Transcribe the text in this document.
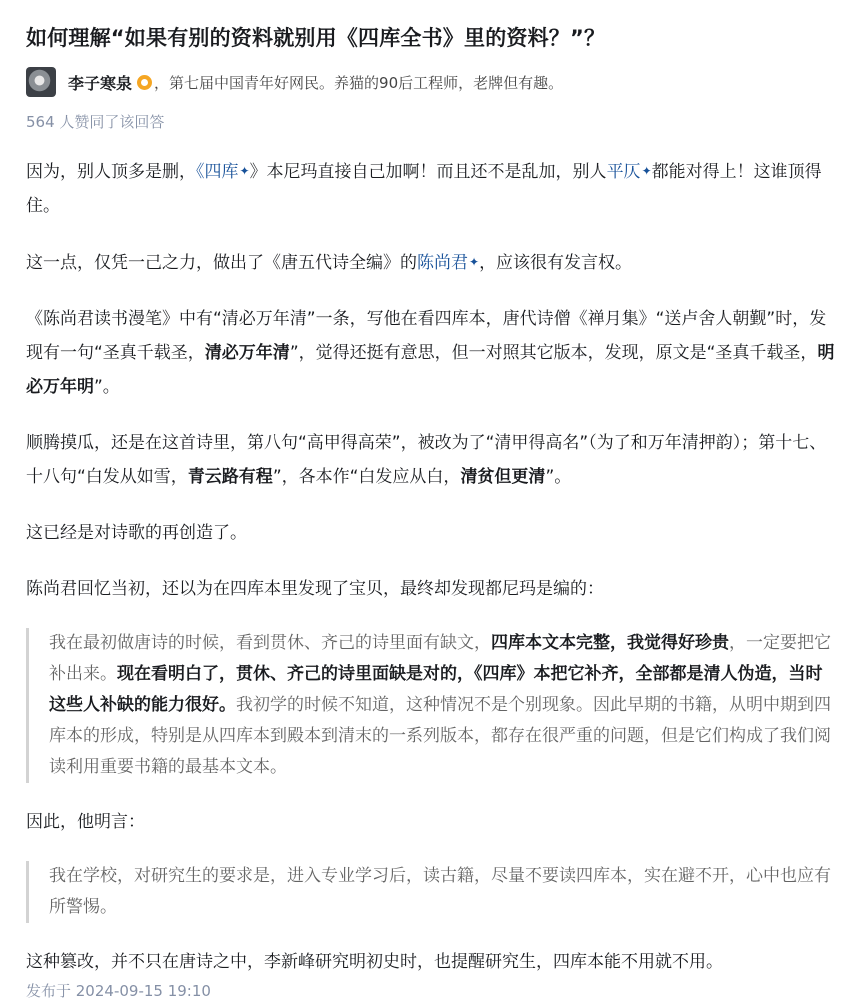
如何理解“如果有别的资料就别用《四库全书》里的资料？”？
李子寒泉 ， 第七届中国青年好网民。养猫的90后工程师，老牌但有趣。
564 人赞同了该回答

因为，别人顶多是删，《四库✦》本尼玛直接自己加啊！而且还不是乱加，别人平仄✦都能对得上！这谁顶得住。

这一点，仅凭一己之力，做出了《唐五代诗全编》的陈尚君✦，应该很有发言权。

《陈尚君读书漫笔》中有“清必万年清”一条，写他在看四库本，唐代诗僧《禅月集》“送卢舍人朝觐”时，发现有一句“圣真千载圣，清必万年清”，觉得还挺有意思，但一对照其它版本，发现，原文是“圣真千载圣，明必万年明”。

顺腾摸瓜，还是在这首诗里，第八句“高甲得高荣”，被改为了“清甲得高名”（为了和万年清押韵）；第十七、十八句“白发从如雪，青云路有程”，各本作“白发应从白，清贫但更清”。

这已经是对诗歌的再创造了。

陈尚君回忆当初，还以为在四库本里发现了宝贝，最终却发现都尼玛是编的：

我在最初做唐诗的时候，看到贯休、齐己的诗里面有缺文，四库本文本完整，我觉得好珍贵，一定要把它补出来。现在看明白了，贯休、齐己的诗里面缺是对的，《四库》本把它补齐，全部都是清人伪造，当时这些人补缺的能力很好。我初学的时候不知道，这种情况不是个别现象。因此早期的书籍，从明中期到四库本的形成，特别是从四库本到殿本到清末的一系列版本，都存在很严重的问题，但是它们构成了我们阅读利用重要书籍的最基本文本。

因此，他明言：

我在学校，对研究生的要求是，进入专业学习后，读古籍，尽量不要读四库本，实在避不开，心中也应有所警惕。

这种篡改，并不只在唐诗之中，李新峰研究明初史时，也提醒研究生，四库本能不用就不用。

发布于 2024-09-15 19:10
